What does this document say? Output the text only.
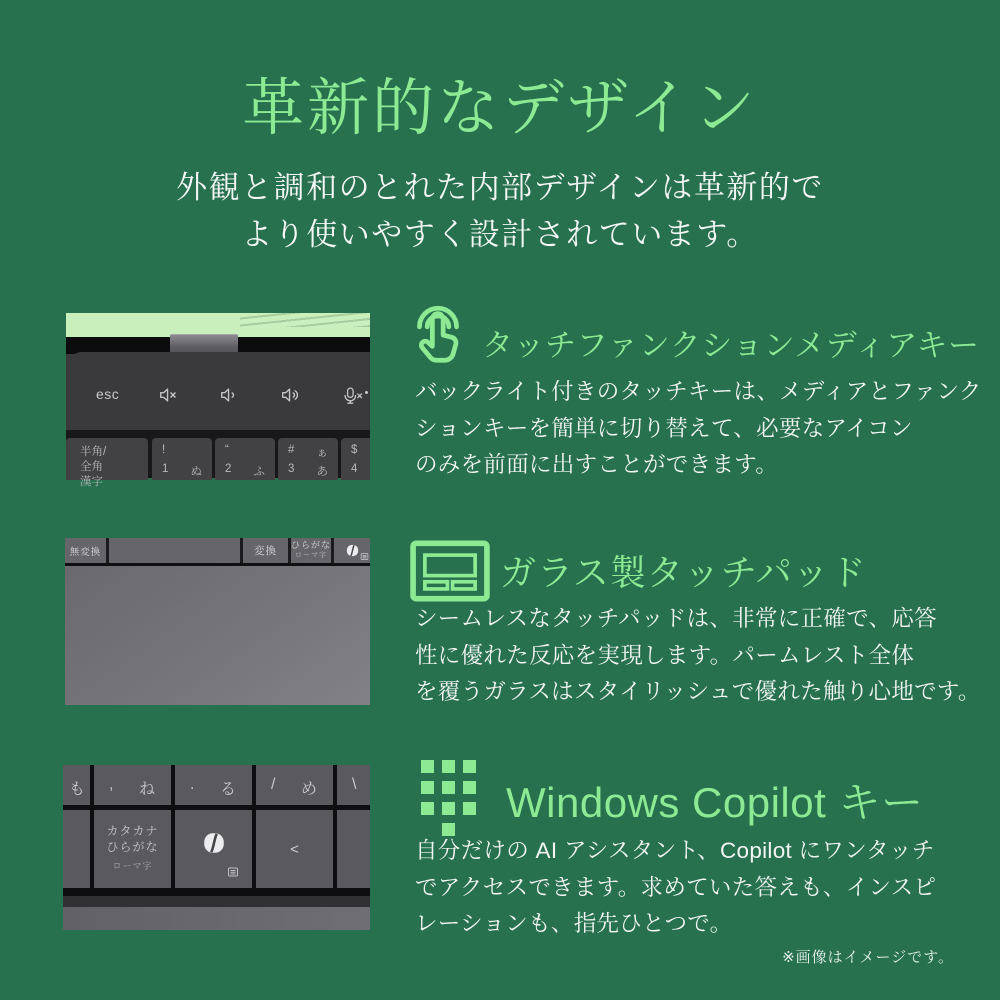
革新的なデザイン
外観と調和のとれた内部デザインは革新的で
より使いやすく設計されています。
esc
半角/
全角
漢字
!
1 ぬ
“
2 ふ
# ぁ
3 あ
$
4
タッチファンクションメディアキー
バックライト付きのタッチキーは、メディアとファンク
ションキーを簡単に切り替えて、必要なアイコン
のみを前面に出すことができます。
無変換	変換 ひらがな
ローマ字	ガラス製タッチパッド
シームレスなタッチパッドは、非常に正確で、応答
性に優れた反応を実現します。パームレスト全体
を覆うガラスはスタイリッシュで優れた触り心地です。
も , ね . る / め \
カタカナ
ひらがな
ローマ字
<
Windows Copilot キー
自分だけの AI アシスタント、Copilot にワンタッチ
でアクセスできます。求めていた答えも、インスピ
レーションも、指先ひとつで。
※画像はイメージです。
